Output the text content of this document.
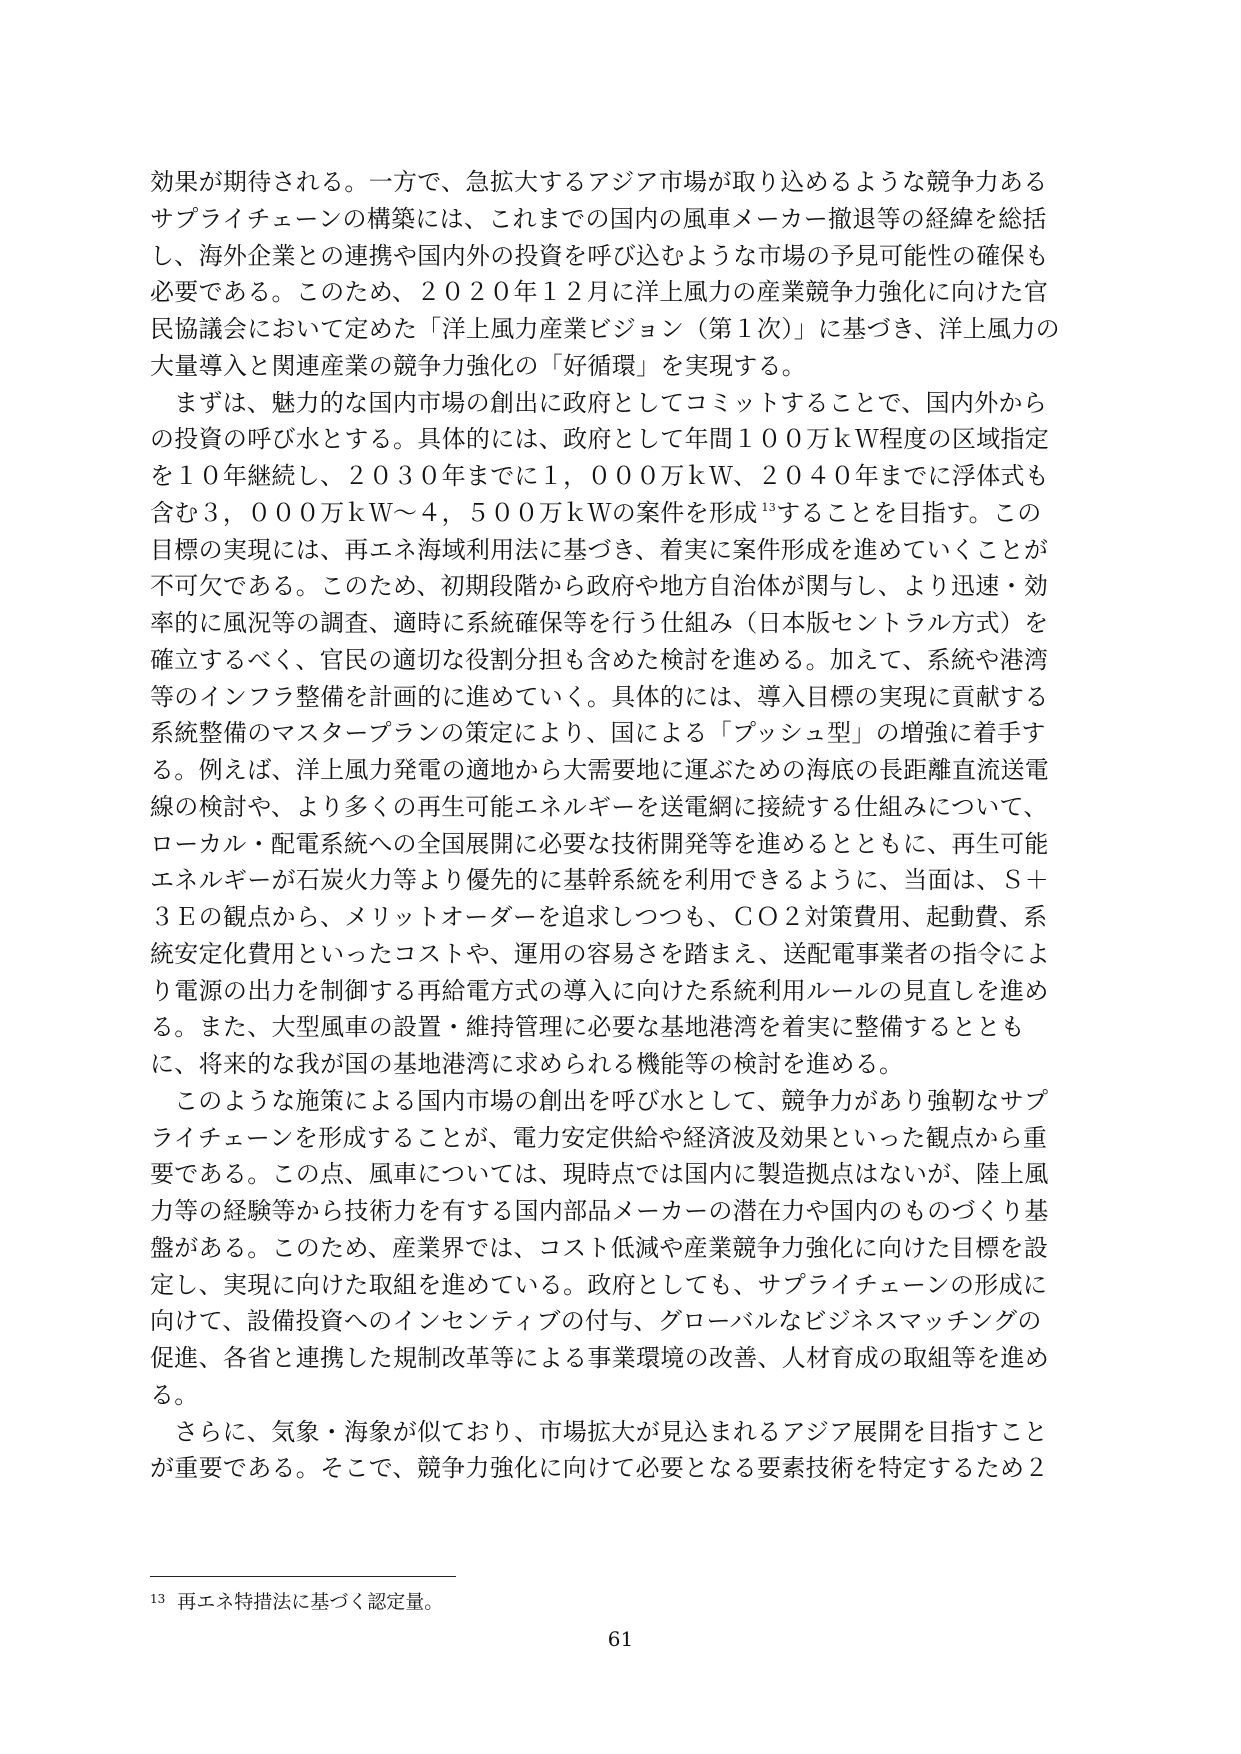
効果が期待される。一方で、急拡大するアジア市場が取り込めるような競争力ある
サプライチェーンの構築には、これまでの国内の風車メーカー撤退等の経緯を総括
し、海外企業との連携や国内外の投資を呼び込むような市場の予見可能性の確保も
必要である。このため、２０２０年１２月に洋上風力の産業競争力強化に向けた官
民協議会において定めた「洋上風力産業ビジョン（第１次）」に基づき、洋上風力の
大量導入と関連産業の競争力強化の「好循環」を実現する。
まずは、魅力的な国内市場の創出に政府としてコミットすることで、国内外から
の投資の呼び水とする。具体的には、政府として年間１００万ｋＷ程度の区域指定
を１０年継続し、２０３０年までに１，０００万ｋＷ、２０４０年までに浮体式も
含む３，０００万ｋＷ～４，５００万ｋＷの案件を形成 $^{13}$することを目指す。この
目標の実現には、再エネ海域利用法に基づき、着実に案件形成を進めていくことが
不可欠である。このため、初期段階から政府や地方自治体が関与し、より迅速・効
率的に風況等の調査、適時に系統確保等を行う仕組み（日本版セントラル方式）を
確立するべく、官民の適切な役割分担も含めた検討を進める。加えて、系統や港湾
等のインフラ整備を計画的に進めていく。具体的には、導入目標の実現に貢献する
系統整備のマスタープランの策定により、国による「プッシュ型」の増強に着手す
る。例えば、洋上風力発電の適地から大需要地に運ぶための海底の長距離直流送電
線の検討や、より多くの再生可能エネルギーを送電網に接続する仕組みについて、
ローカル・配電系統への全国展開に必要な技術開発等を進めるとともに、再生可能
エネルギーが石炭火力等より優先的に基幹系統を利用できるように、当面は、Ｓ＋
３Ｅの観点から、メリットオーダーを追求しつつも、ＣＯ２対策費用、起動費、系
統安定化費用といったコストや、運用の容易さを踏まえ、送配電事業者の指令によ
り電源の出力を制御する再給電方式の導入に向けた系統利用ルールの見直しを進め
る。また、大型風車の設置・維持管理に必要な基地港湾を着実に整備するととも
に、将来的な我が国の基地港湾に求められる機能等の検討を進める。
このような施策による国内市場の創出を呼び水として、競争力があり強靭なサプ
ライチェーンを形成することが、電力安定供給や経済波及効果といった観点から重
要である。この点、風車については、現時点では国内に製造拠点はないが、陸上風
力等の経験等から技術力を有する国内部品メーカーの潜在力や国内のものづくり基
盤がある。このため、産業界では、コスト低減や産業競争力強化に向けた目標を設
定し、実現に向けた取組を進めている。政府としても、サプライチェーンの形成に
向けて、設備投資へのインセンティブの付与、グローバルなビジネスマッチングの
促進、各省と連携した規制改革等による事業環境の改善、人材育成の取組等を進め
る。
さらに、気象・海象が似ており、市場拡大が見込まれるアジア展開を目指すこと
が重要である。そこで、競争力強化に向けて必要となる要素技術を特定するため２
$^{13}$ 再エネ特措法に基づく認定量。
61
